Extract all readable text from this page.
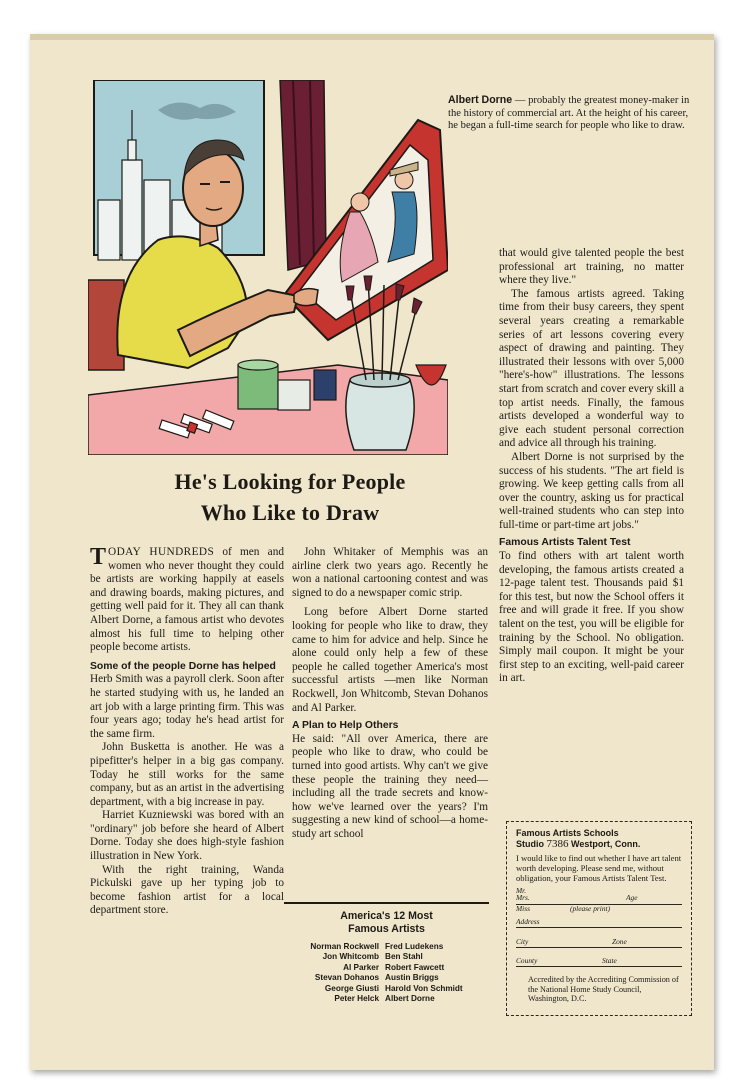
Albert Dorne — probably the greatest money-maker in the history of commercial art. At the height of his career, he began a full-time search for people who like to draw.
He's Looking for People
Who Like to Draw

TODAY HUNDREDS of men and women who never thought they could be artists are working happily at easels and drawing boards, making pictures, and getting well paid for it. They all can thank Albert Dorne, a famous artist who devotes almost his full time to helping other people become artists.

Some of the people Dorne has helped

Herb Smith was a payroll clerk. Soon after he started studying with us, he landed an art job with a large printing firm. This was four years ago; today he's head artist for the same firm.

John Busketta is another. He was a pipefitter's helper in a big gas company. Today he still works for the same company, but as an artist in the advertising department, with a big increase in pay.

Harriet Kuzniewski was bored with an "ordinary" job before she heard of Albert Dorne. Today she does high-style fashion illustration in New York.

With the right training, Wanda Pickulski gave up her typing job to become fashion artist for a local department store.

John Whitaker of Memphis was an airline clerk two years ago. Recently he won a national cartooning contest and was signed to do a newspaper comic strip.

Long before Albert Dorne started looking for people who like to draw, they came to him for advice and help. Since he alone could only help a few of these people he called together America's most successful artists —men like Norman Rockwell, Jon Whitcomb, Stevan Dohanos and Al Parker.

A Plan to Help Others

He said: "All over America, there are people who like to draw, who could be turned into good artists. Why can't we give these people the training they need—including all the trade secrets and know-how we've learned over the years? I'm suggesting a new kind of school—a home-study art school

America's 12 Most
Famous Artists
Norman Rockwell	Fred Ludekens
Jon Whitcomb	Ben Stahl
Al Parker	Robert Fawcett
Stevan Dohanos	Austin Briggs
George Giusti	Harold Von Schmidt
Peter Helck	Albert Dorne

that would give talented people the best professional art training, no matter where they live."

The famous artists agreed. Taking time from their busy careers, they spent several years creating a remarkable series of art lessons covering every aspect of drawing and painting. They illustrated their lessons with over 5,000 "here's-how" illustrations. The lessons start from scratch and cover every skill a top artist needs. Finally, the famous artists developed a wonderful way to give each student personal correction and advice all through his training.

Albert Dorne is not surprised by the success of his students. "The art field is growing. We keep getting calls from all over the country, asking us for practical well-trained students who can step into full-time or part-time art jobs."

Famous Artists Talent Test

To find others with art talent worth developing, the famous artists created a 12-page talent test. Thousands paid $1 for this test, but now the School offers it free and will grade it free. If you show talent on the test, you will be eligible for training by the School. No obligation. Simply mail coupon. It might be your first step to an exciting, well-paid career in art.

Famous Artists Schools
Studio 7386 Westport, Conn.
I would like to find out whether I have art talent worth developing. Please send me, without obligation, your Famous Artists Talent Test.
Mr.
Mrs.	Age
Miss	(please print)
Address
City	Zone
County	State
Accredited by the Accrediting Commission of the National Home Study Council, Washington, D.C.
